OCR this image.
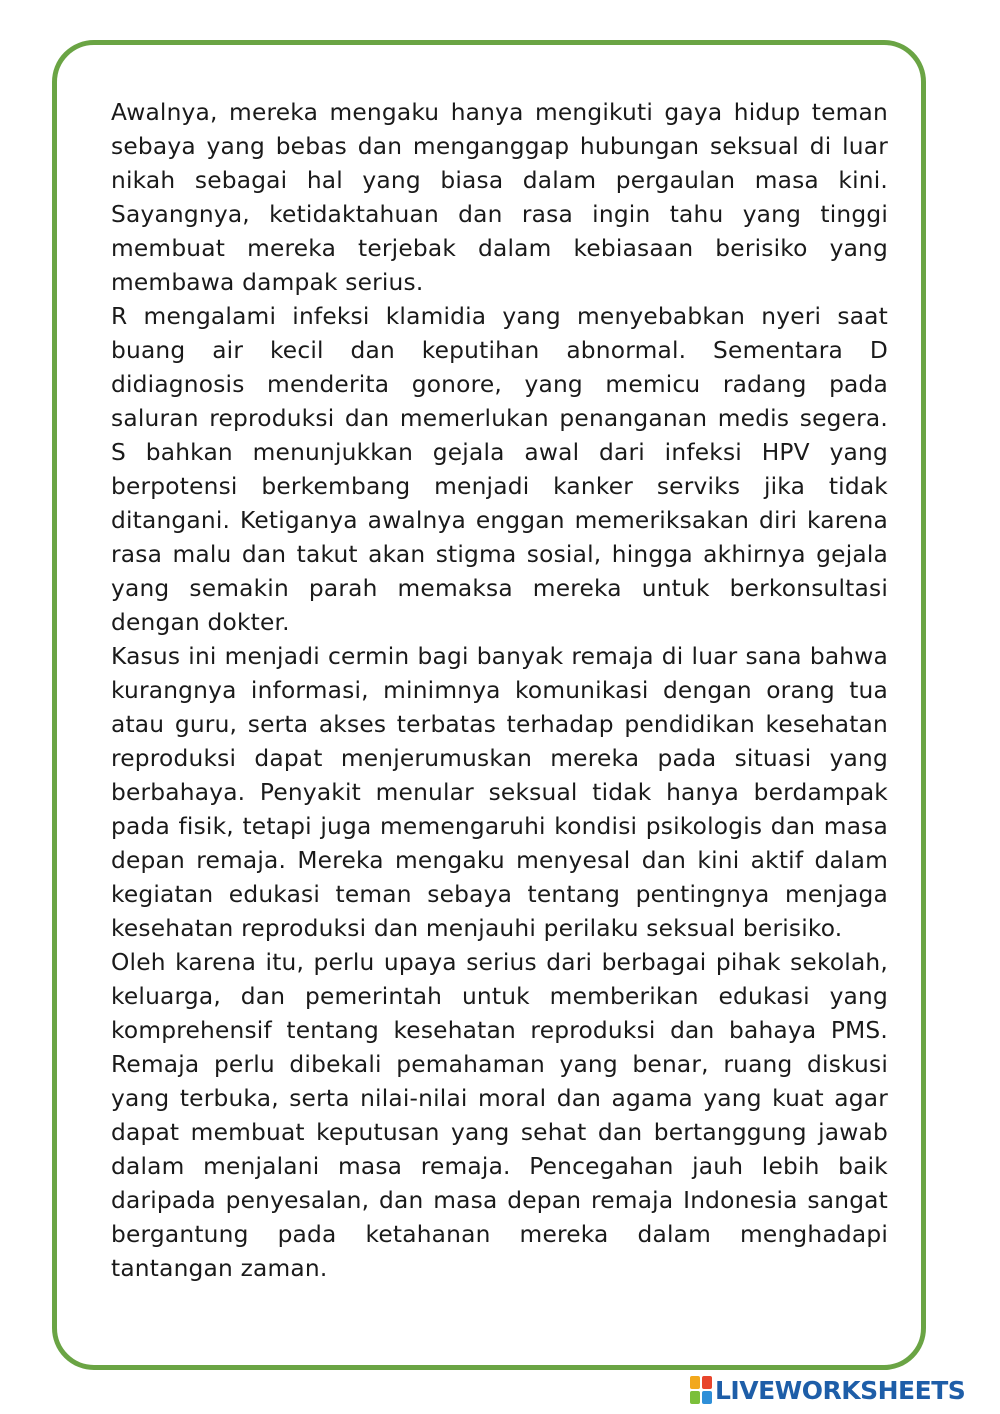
Awalnya, mereka mengaku hanya mengikuti gaya hidup teman sebaya yang bebas dan menganggap hubungan seksual di luar nikah sebagai hal yang biasa dalam pergaulan masa kini. Sayangnya, ketidaktahuan dan rasa ingin tahu yang tinggi membuat mereka terjebak dalam kebiasaan berisiko yang membawa dampak serius.

R mengalami infeksi klamidia yang menyebabkan nyeri saat buang air kecil dan keputihan abnormal. Sementara D didiagnosis menderita gonore, yang memicu radang pada saluran reproduksi dan memerlukan penanganan medis segera. S bahkan menunjukkan gejala awal dari infeksi HPV yang berpotensi berkembang menjadi kanker serviks jika tidak ditangani. Ketiganya awalnya enggan memeriksakan diri karena rasa malu dan takut akan stigma sosial, hingga akhirnya gejala yang semakin parah memaksa mereka untuk berkonsultasi dengan dokter.

Kasus ini menjadi cermin bagi banyak remaja di luar sana bahwa kurangnya informasi, minimnya komunikasi dengan orang tua atau guru, serta akses terbatas terhadap pendidikan kesehatan reproduksi dapat menjerumuskan mereka pada situasi yang berbahaya. Penyakit menular seksual tidak hanya berdampak pada fisik, tetapi juga memengaruhi kondisi psikologis dan masa depan remaja. Mereka mengaku menyesal dan kini aktif dalam kegiatan edukasi teman sebaya tentang pentingnya menjaga kesehatan reproduksi dan menjauhi perilaku seksual berisiko.

Oleh karena itu, perlu upaya serius dari berbagai pihak sekolah, keluarga, dan pemerintah untuk memberikan edukasi yang komprehensif tentang kesehatan reproduksi dan bahaya PMS. Remaja perlu dibekali pemahaman yang benar, ruang diskusi yang terbuka, serta nilai-nilai moral dan agama yang kuat agar dapat membuat keputusan yang sehat dan bertanggung jawab dalam menjalani masa remaja. Pencegahan jauh lebih baik daripada penyesalan, dan masa depan remaja Indonesia sangat bergantung pada ketahanan mereka dalam menghadapi tantangan zaman.

LIVEWORKSHEETS
